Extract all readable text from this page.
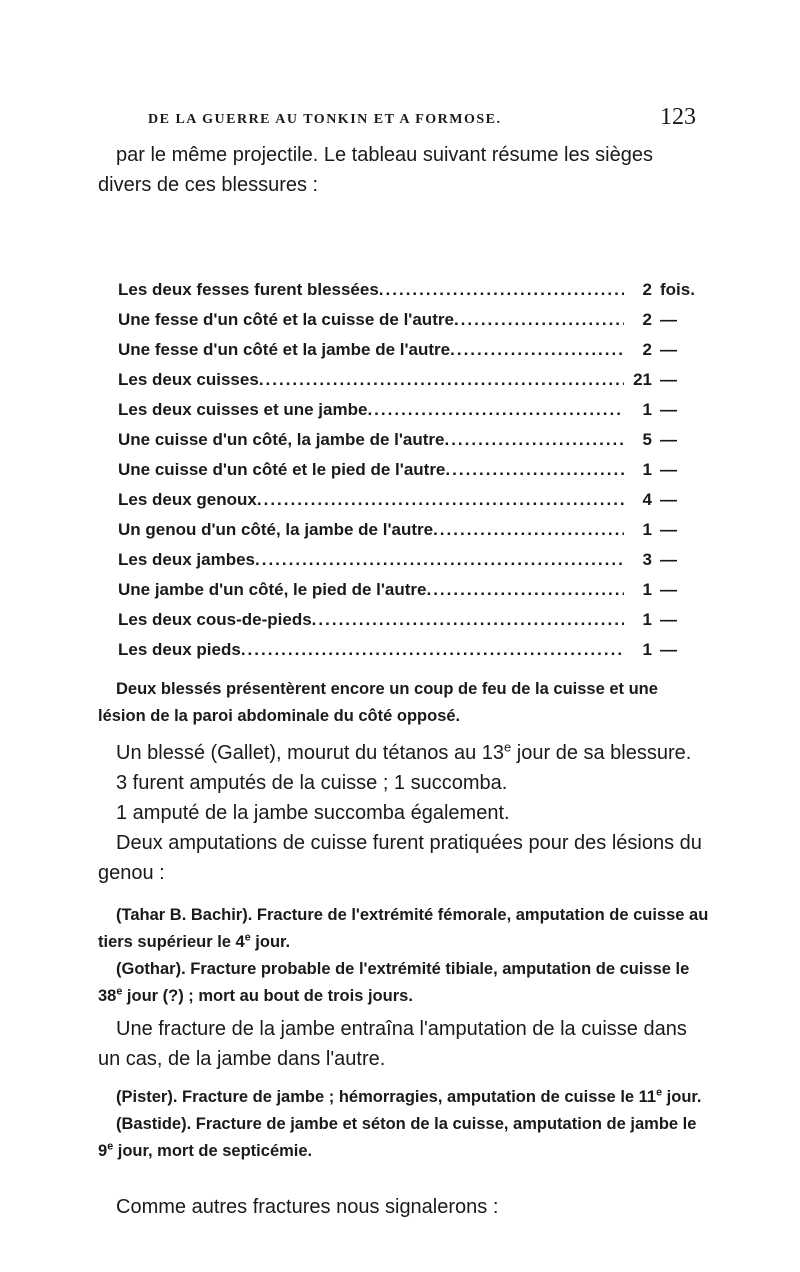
DE LA GUERRE AU TONKIN ET A FORMOSE.	123

par le même projectile. Le tableau suivant résume les sièges divers de ces blessures :

Les deux fesses furent blessées .....	2 fois.
Une fesse d'un côté et la cuisse de l'autre .....	2 —
Une fesse d'un côté et la jambe de l'autre .....	2 —
Les deux cuisses .....	21 —
Les deux cuisses et une jambe .....	1 —
Une cuisse d'un côté, la jambe de l'autre .....	5 —
Une cuisse d'un côté et le pied de l'autre .....	1 —
Les deux genoux .....	4 —
Un genou d'un côté, la jambe de l'autre .....	1 —
Les deux jambes .....	3 —
Une jambe d'un côté, le pied de l'autre .....	1 —
Les deux cous-de-pieds .....	1 —
Les deux pieds .....	1 —

Deux blessés présentèrent encore un coup de feu de la cuisse et une lésion de la paroi abdominale du côté opposé.

Un blessé (Gallet), mourut du tétanos au 13e jour de sa blessure.

3 furent amputés de la cuisse ; 1 succomba.

1 amputé de la jambe succomba également.

Deux amputations de cuisse furent pratiquées pour des lésions du genou :

(Tahar B. Bachir). Fracture de l'extrémité fémorale, amputation de cuisse au tiers supérieur le 4e jour.

(Gothar). Fracture probable de l'extrémité tibiale, amputation de cuisse le 38e jour (?) ; mort au bout de trois jours.

Une fracture de la jambe entraîna l'amputation de la cuisse dans un cas, de la jambe dans l'autre.

(Pister). Fracture de jambe ; hémorragies, amputation de cuisse le 11e jour.

(Bastide). Fracture de jambe et séton de la cuisse, amputation de jambe le 9e jour, mort de septicémie.

Comme autres fractures nous signalerons :
